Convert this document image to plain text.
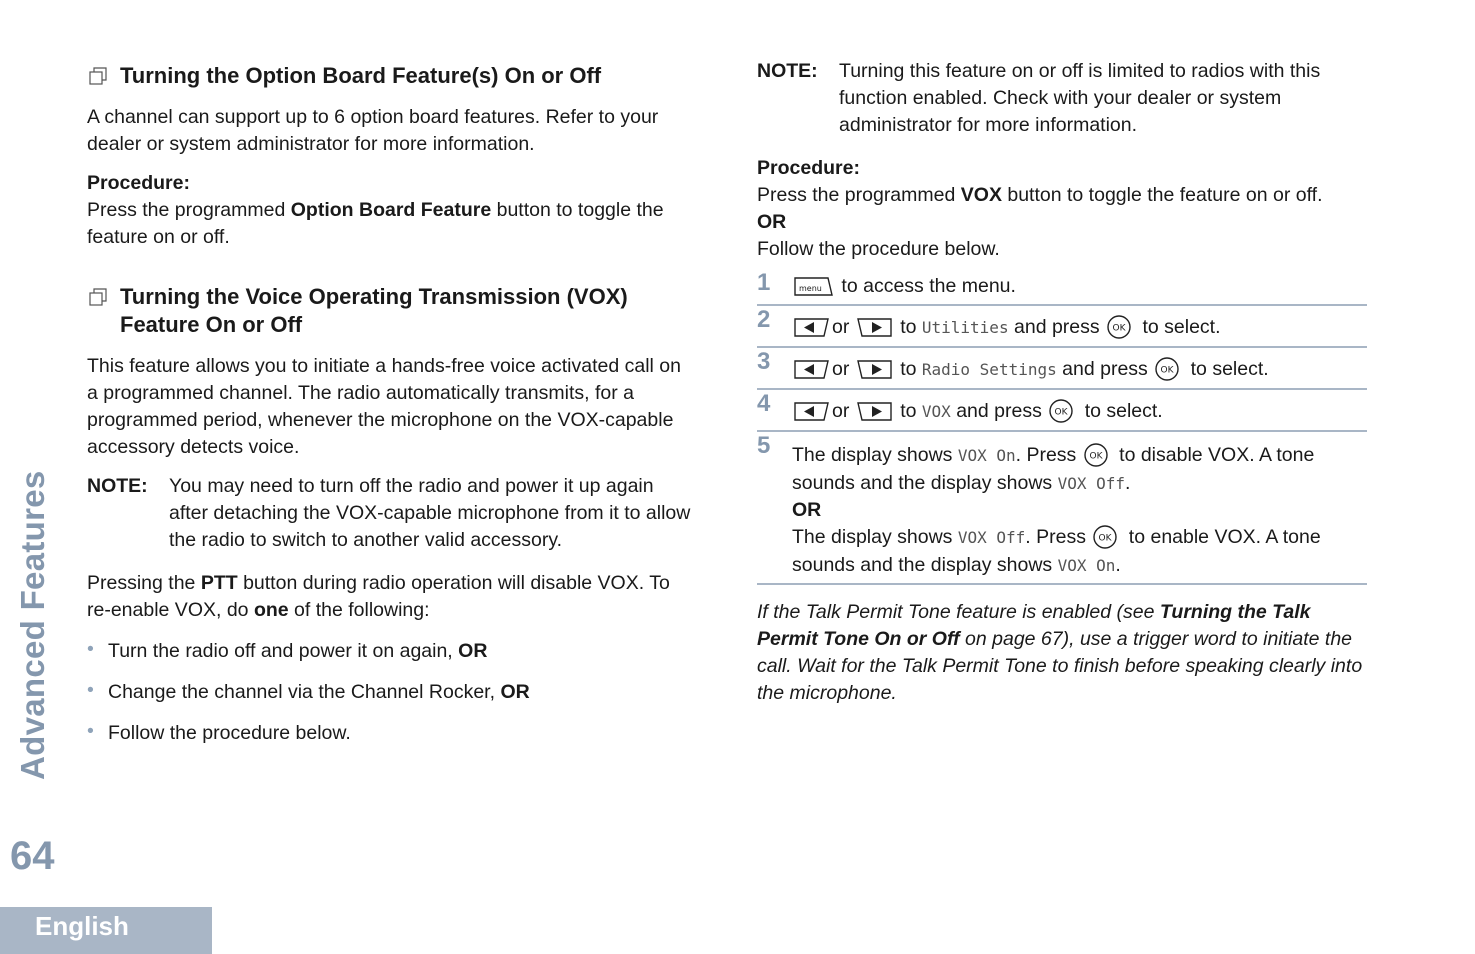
Advanced Features
64
English
Turning the Option Board Feature(s) On or Off

A channel can support up to 6 option board features. Refer to your dealer or system administrator for more information.

Procedure:

Press the programmed Option Board Feature button to toggle the feature on or off.

Turning the Voice Operating Transmission (VOX)
Feature On or Off

This feature allows you to initiate a hands-free voice activated call on a programmed channel. The radio automatically transmits, for a programmed period, whenever the microphone on the VOX-capable accessory detects voice.

NOTE:	You may need to turn off the radio and power it up again after detaching the VOX-capable microphone from it to allow the radio to switch to another valid accessory.

Pressing the PTT button during radio operation will disable VOX. To re-enable VOX, do one of the following:

• Turn the radio off and power it on again, OR
• Change the channel via the Channel Rocker, OR
• Follow the procedure below.
NOTE:	Turning this feature on or off is limited to radios with this function enabled. Check with your dealer or system administrator for more information.

Procedure:

Press the programmed VOX button to toggle the feature on or off.

OR

Follow the procedure below.

1	menu to access the menu.
2	or	to Utilities and press OK to select.
3	or	to Radio Settings and press OK to select.
4	or	to VOX and press OK to select.
5 The display shows VOX On. Press OK to disable VOX. A tone sounds and the display shows VOX Off.

OR

The display shows VOX Off. Press OK to enable VOX. A tone sounds and the display shows VOX On.

If the Talk Permit Tone feature is enabled (see Turning the Talk Permit Tone On or Off on page 67), use a trigger word to initiate the call. Wait for the Talk Permit Tone to finish before speaking clearly into the microphone.
